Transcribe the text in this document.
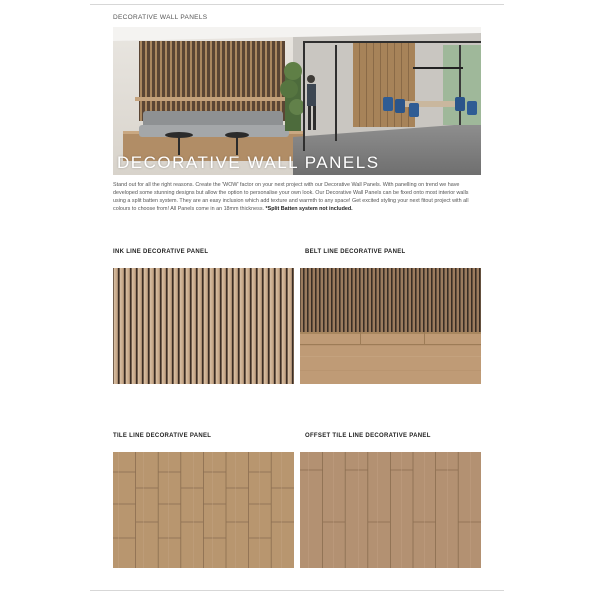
DECORATIVE WALL PANELS
DECORATIVE WALL PANELS
Stand out for all the right reasons. Create the 'WOW' factor on your next project with our Decorative Wall Panels. With panelling on trend we have developed some stunning designs but allow the option to personalise your own look. Our Decorative Wall Panels can be fixed onto most interior walls using a split batten system. They are an easy inclusion which add texture and warmth to any space! Get excited styling your next fitout project with all colours to choose from! All Panels come in an 18mm thickness. *Split Batten system not included.
INK LINE DECORATIVE PANEL	BELT LINE DECORATIVE PANEL
TILE LINE DECORATIVE PANEL	OFFSET TILE LINE DECORATIVE PANEL
